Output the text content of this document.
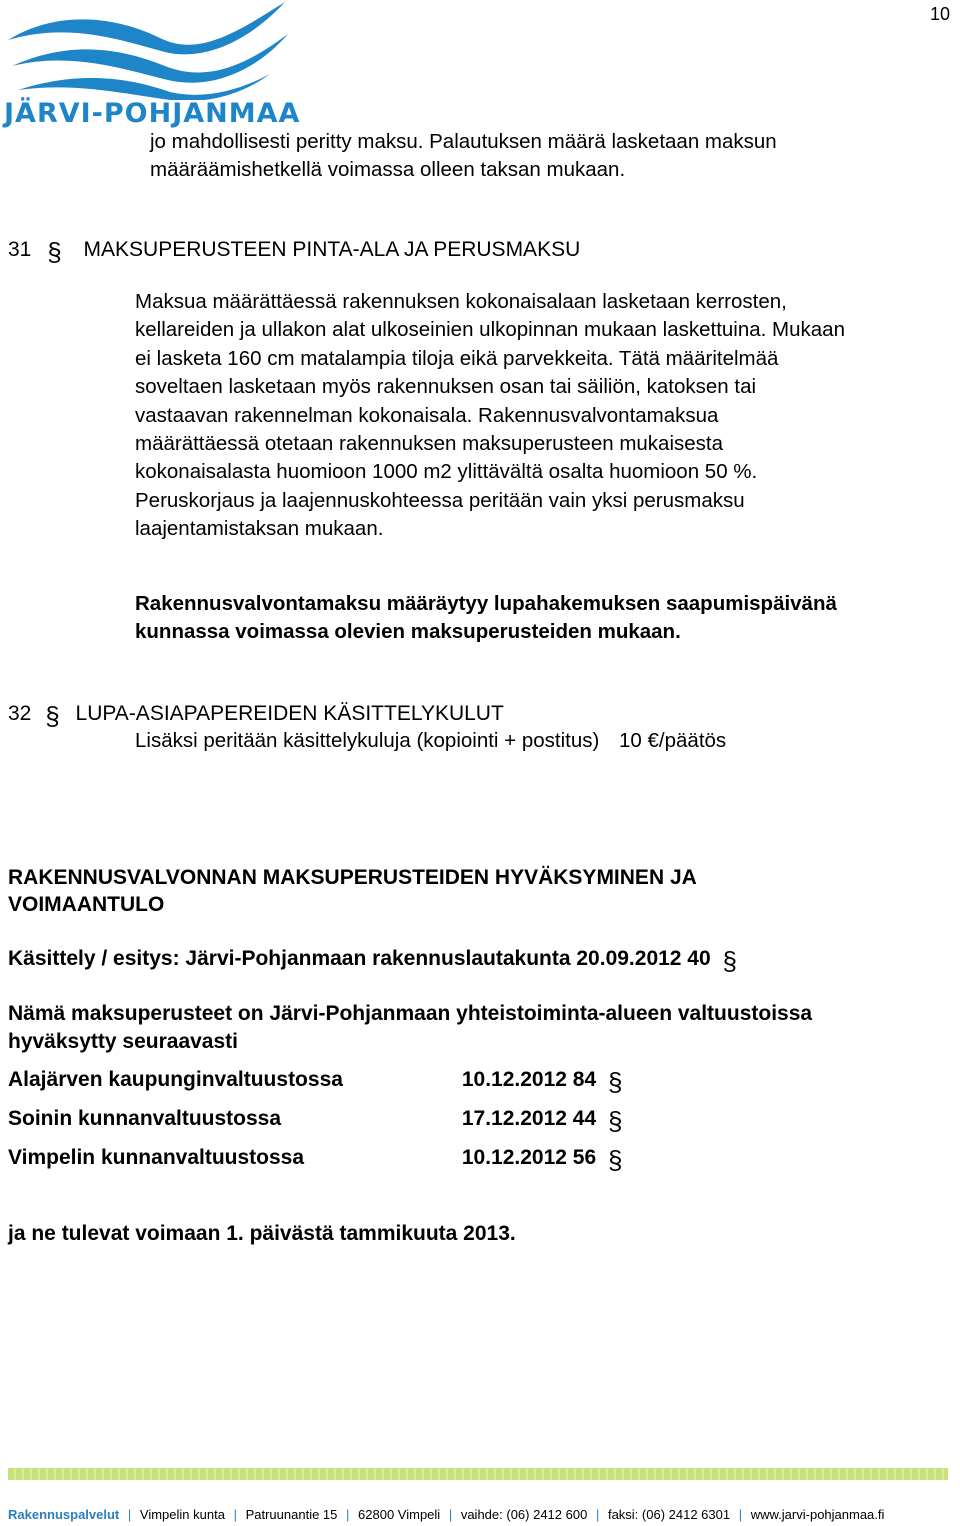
10
JÄRVI-POHJANMAA
jo mahdollisesti peritty maksu. Palautuksen määrä lasketaan maksun
määräämishetkellä voimassa olleen taksan mukaan.
31 § MAKSUPERUSTEEN PINTA-ALA JA PERUSMAKSU
Maksua määrättäessä rakennuksen kokonaisalaan lasketaan kerrosten,
kellareiden ja ullakon alat ulkoseinien ulkopinnan mukaan laskettuina. Mukaan
ei lasketa 160 cm matalampia tiloja eikä parvekkeita. Tätä määritelmää
soveltaen lasketaan myös rakennuksen osan tai säiliön, katoksen tai
vastaavan rakennelman kokonaisala. Rakennusvalvontamaksua
määrättäessä otetaan rakennuksen maksuperusteen mukaisesta
kokonaisalasta huomioon 1000 m2 ylittävältä osalta huomioon 50 %.
Peruskorjaus ja laajennuskohteessa peritään vain yksi perusmaksu
laajentamistaksan mukaan.
Rakennusvalvontamaksu määräytyy lupahakemuksen saapumispäivänä
kunnassa voimassa olevien maksuperusteiden mukaan.
32 § LUPA-ASIAPAPEREIDEN KÄSITTELYKULUT
Lisäksi peritään käsittelykuluja (kopiointi + postitus) 10 €/päätös
RAKENNUSVALVONNAN MAKSUPERUSTEIDEN HYVÄKSYMINEN JA
VOIMAANTULO
Käsittely / esitys: Järvi-Pohjanmaan rakennuslautakunta 20.09.2012 40 §
Nämä maksuperusteet on Järvi-Pohjanmaan yhteistoiminta-alueen valtuustoissa
hyväksytty seuraavasti
Alajärven kaupunginvaltuustossa	10.12.2012 84 §
Soinin kunnanvaltuustossa	17.12.2012 44 §
Vimpelin kunnanvaltuustossa	10.12.2012 56 §
ja ne tulevat voimaan 1. päivästä tammikuuta 2013.
Rakennuspalvelut | Vimpelin kunta | Patruunantie 15 | 62800 Vimpeli | vaihde: (06) 2412 600 | faksi: (06) 2412 6301 | www.jarvi-pohjanmaa.fi
